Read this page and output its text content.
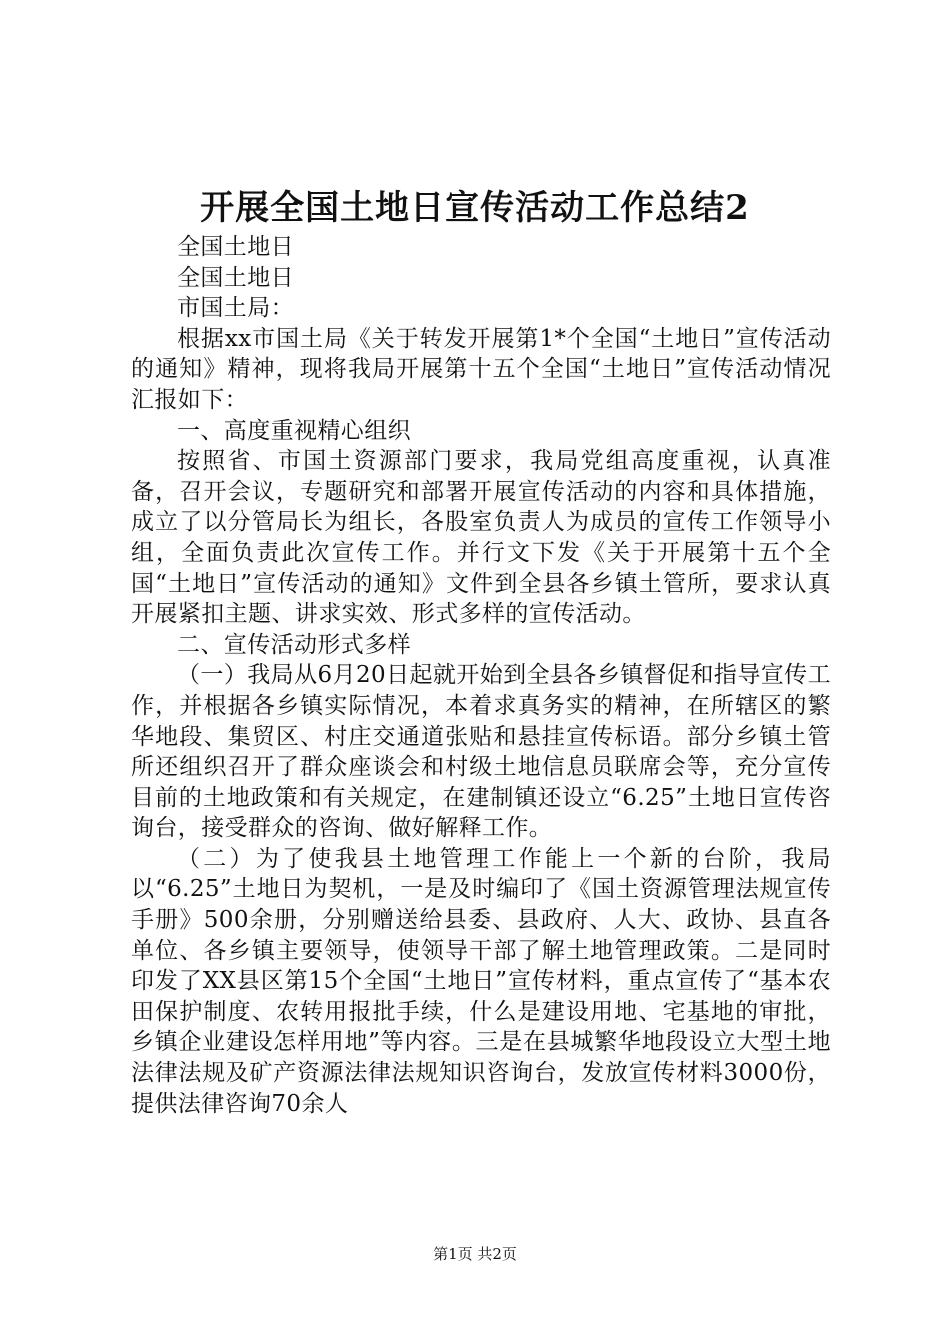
开展全国土地日宣传活动工作总结2

全国土地日

全国土地日

市国土局：

根据xx市国土局《关于转发开展第1*个全国“土地日”宣传活动的通知》精神，现将我局开展第十五个全国“土地日”宣传活动情况汇报如下：

一、高度重视精心组织

按照省、市国土资源部门要求，我局党组高度重视，认真准备，召开会议，专题研究和部署开展宣传活动的内容和具体措施，成立了以分管局长为组长，各股室负责人为成员的宣传工作领导小组，全面负责此次宣传工作。并行文下发《关于开展第十五个全国“土地日”宣传活动的通知》文件到全县各乡镇土管所，要求认真开展紧扣主题、讲求实效、形式多样的宣传活动。

二、宣传活动形式多样

（一）我局从6月20日起就开始到全县各乡镇督促和指导宣传工作，并根据各乡镇实际情况，本着求真务实的精神，在所辖区的繁华地段、集贸区、村庄交通道张贴和悬挂宣传标语。部分乡镇土管所还组织召开了群众座谈会和村级土地信息员联席会等，充分宣传目前的土地政策和有关规定，在建制镇还设立“6.25”土地日宣传咨询台，接受群众的咨询、做好解释工作。

（二）为了使我县土地管理工作能上一个新的台阶，我局以“6.25”土地日为契机，一是及时编印了《国土资源管理法规宣传手册》500余册，分别赠送给县委、县政府、人大、政协、县直各单位、各乡镇主要领导，使领导干部了解土地管理政策。二是同时印发了XX县区第15个全国“土地日”宣传材料，重点宣传了“基本农田保护制度、农转用报批手续，什么是建设用地、宅基地的审批，乡镇企业建设怎样用地”等内容。三是在县城繁华地段设立大型土地法律法规及矿产资源法律法规知识咨询台，发放宣传材料3000份，提供法律咨询70余人

第1页 共2页
